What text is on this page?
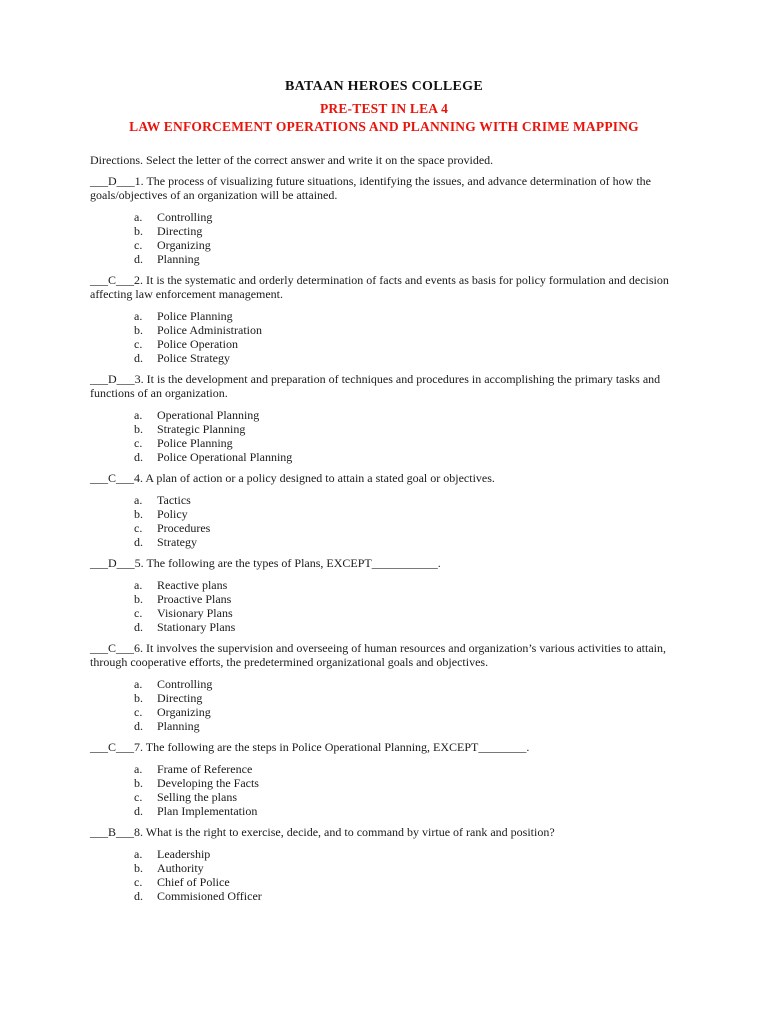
BATAAN HEROES COLLEGE
PRE-TEST IN LEA 4
LAW ENFORCEMENT OPERATIONS AND PLANNING WITH CRIME MAPPING
Directions. Select the letter of the correct answer and write it on the space provided.

___D___1. The process of visualizing future situations, identifying the issues, and advance determination of how the goals/objectives of an organization will be attained.

a.	Controlling
b.	Directing
c.	Organizing
d.	Planning

___C___2. It is the systematic and orderly determination of facts and events as basis for policy formulation and decision affecting law enforcement management.

a.	Police Planning
b.	Police Administration
c.	Police Operation
d.	Police Strategy

___D___3. It is the development and preparation of techniques and procedures in accomplishing the primary tasks and functions of an organization.

a.	Operational Planning
b.	Strategic Planning
c.	Police Planning
d.	Police Operational Planning

___C___4. A plan of action or a policy designed to attain a stated goal or objectives.

a.	Tactics
b.	Policy
c.	Procedures
d.	Strategy

___D___5. The following are the types of Plans, EXCEPT___________.

a.	Reactive plans
b.	Proactive Plans
c.	Visionary Plans
d.	Stationary Plans

___C___6. It involves the supervision and overseeing of human resources and organization’s various activities to attain, through cooperative efforts, the predetermined organizational goals and objectives.

a.	Controlling
b.	Directing
c.	Organizing
d.	Planning

___C___7. The following are the steps in Police Operational Planning, EXCEPT________.

a.	Frame of Reference
b.	Developing the Facts
c.	Selling the plans
d.	Plan Implementation

___B___8. What is the right to exercise, decide, and to command by virtue of rank and position?

a.	Leadership
b.	Authority
c.	Chief of Police
d.	Commisioned Officer
